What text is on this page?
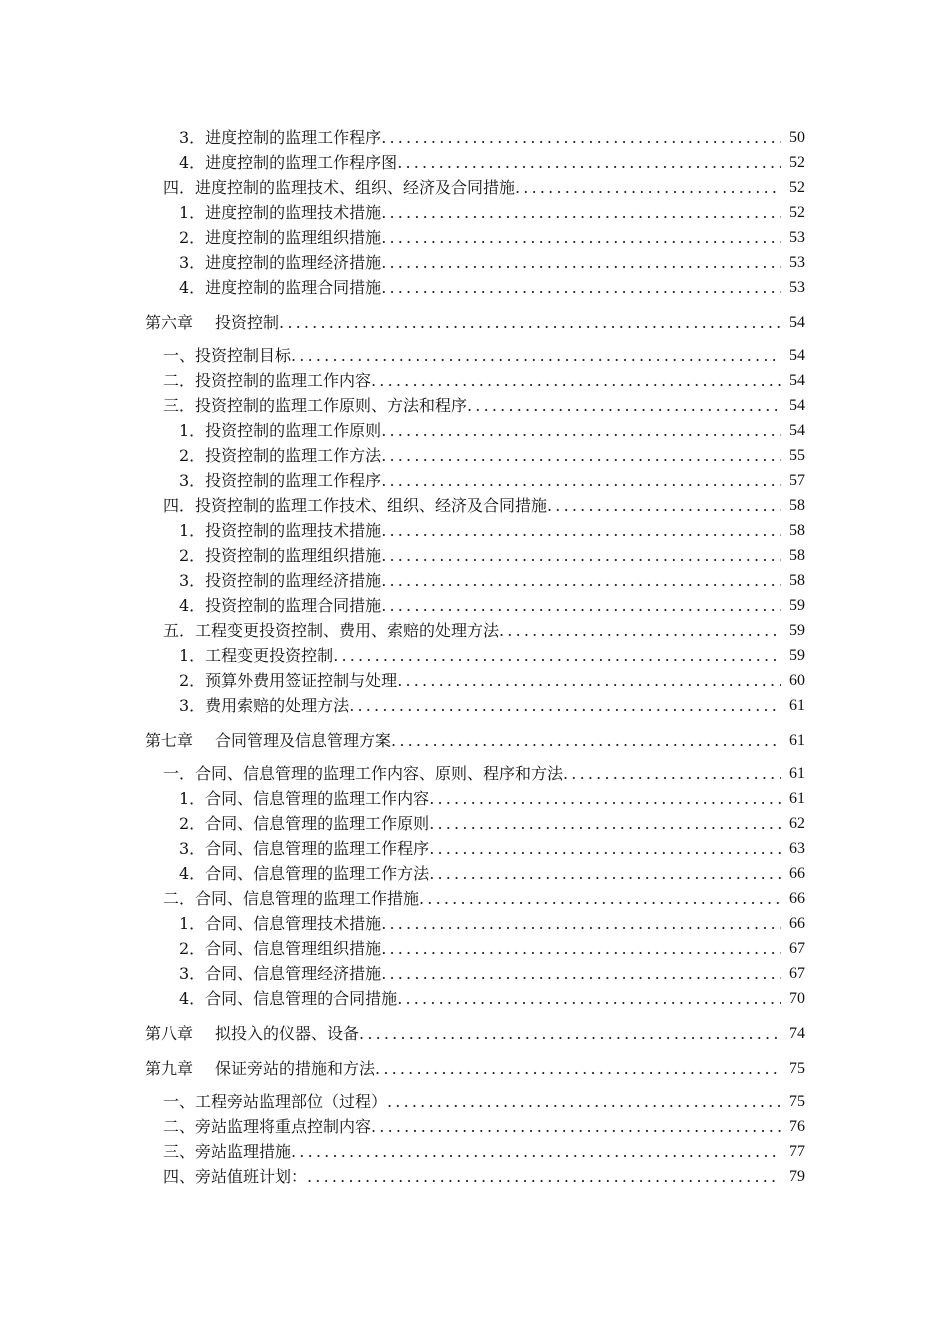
3．进度控制的监理工作程序 .....	50
4．进度控制的监理工作程序图 .....	52
四．进度控制的监理技术、组织、经济及合同措施 .....	52
1．进度控制的监理技术措施 .....	52
2．进度控制的监理组织措施 .....	53
3．进度控制的监理经济措施 .....	53
4．进度控制的监理合同措施 .....	53
第六章 投资控制 .....	54
一、投资控制目标 .....	54
二．投资控制的监理工作内容 .....	54
三．投资控制的监理工作原则、方法和程序 .....	54
1．投资控制的监理工作原则 .....	54
2．投资控制的监理工作方法 .....	55
3．投资控制的监理工作程序 .....	57
四．投资控制的监理工作技术、组织、经济及合同措施 .....	58
1．投资控制的监理技术措施 .....	58
2．投资控制的监理组织措施 .....	58
3．投资控制的监理经济措施 .....	58
4．投资控制的监理合同措施 .....	59
五．工程变更投资控制、费用、索赔的处理方法 .....	59
1．工程变更投资控制 .....	59
2．预算外费用签证控制与处理 .....	60
3．费用索赔的处理方法 .....	61
第七章 合同管理及信息管理方案 .....	61
一．合同、信息管理的监理工作内容、原则、程序和方法 .....	61
1．合同、信息管理的监理工作内容 .....	61
2．合同、信息管理的监理工作原则 .....	62
3．合同、信息管理的监理工作程序 .....	63
4．合同、信息管理的监理工作方法 .....	66
二．合同、信息管理的监理工作措施 .....	66
1．合同、信息管理技术措施 .....	66
2．合同、信息管理组织措施 .....	67
3．合同、信息管理经济措施 .....	67
4．合同、信息管理的合同措施 .....	70
第八章 拟投入的仪器、设备 .....	74
第九章 保证旁站的措施和方法 .....	75
一、工程旁站监理部位（过程） .....	75
二、旁站监理将重点控制内容 .....	76
三、旁站监理措施 .....	77
四、旁站值班计划： .....	79
